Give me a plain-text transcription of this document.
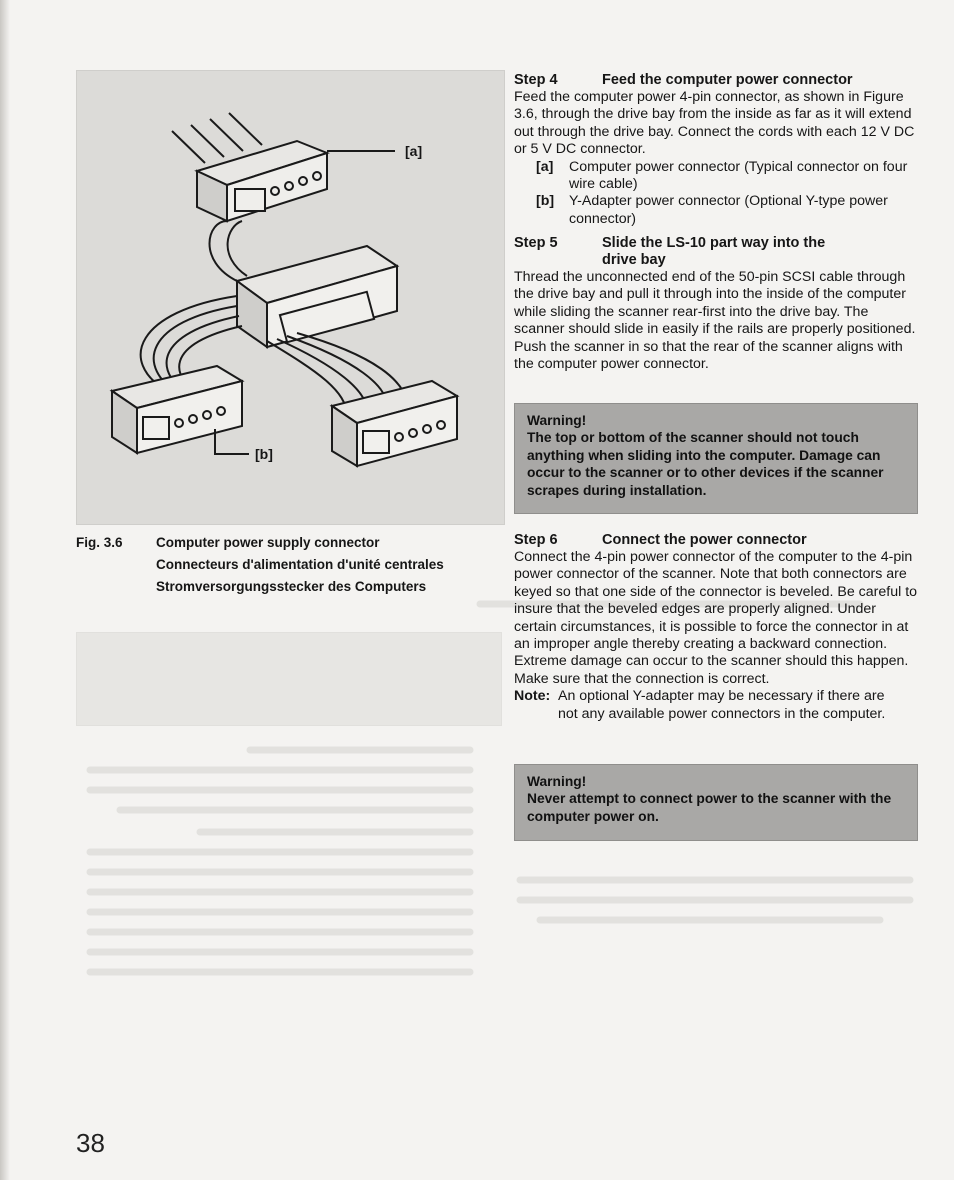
[a]
[b]
Fig. 3.6 Computer power supply connector
Connecteurs d'alimentation d'unité centrales
Stromversorgungsstecker des Computers
Step 4	Feed the computer power connector
Feed the computer power 4-pin connector, as shown in Figure 3.6, through the drive bay from the inside as far as it will extend out through the drive bay. Connect the cords with each 12 V DC or 5 V DC connector.
[a] Computer power connector (Typical connector on four wire cable)
[b] Y-Adapter power connector (Optional Y-type power connector)
Step 5	Slide the LS-10 part way into the drive bay
Thread the unconnected end of the 50-pin SCSI cable through the drive bay and pull it through into the inside of the computer while sliding the scanner rear-first into the drive bay. The scanner should slide in easily if the rails are properly positioned. Push the scanner in so that the rear of the scanner aligns with the computer power connector.
Warning!
The top or bottom of the scanner should not touch anything when sliding into the computer. Damage can occur to the scanner or to other devices if the scanner scrapes during installation.
Step 6	Connect the power connector
Connect the 4-pin power connector of the computer to the 4-pin power connector of the scanner. Note that both connectors are keyed so that one side of the connector is beveled. Be careful to insure that the beveled edges are properly aligned. Under certain circumstances, it is possible to force the connector in at an improper angle thereby creating a backward connection. Extreme damage can occur to the scanner should this happen. Make sure that the connection is correct.
Note: An optional Y-adapter may be necessary if there are not any available power connectors in the computer.
Warning!
Never attempt to connect power to the scanner with the computer power on.
38
